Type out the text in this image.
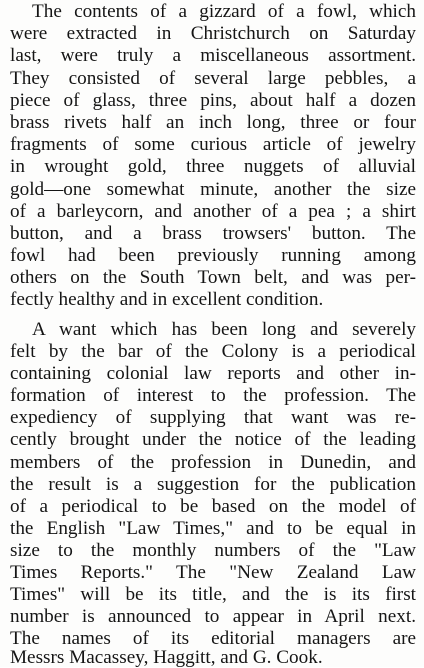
The contents of a gizzard of a fowl, which
were extracted in Christchurch on Saturday
last, were truly a miscellaneous assortment.
They consisted of several large pebbles, a
piece of glass, three pins, about half a dozen
brass rivets half an inch long, three or four
fragments of some curious article of jewelry
in wrought gold, three nuggets of alluvial
gold—one somewhat minute, another the size
of a barleycorn, and another of a pea ; a shirt
button, and a brass trowsers' button. The
fowl had been previously running among
others on the South Town belt, and was per-
fectly healthy and in excellent condition.
A want which has been long and severely
felt by the bar of the Colony is a periodical
containing colonial law reports and other in-
formation of interest to the profession. The
expediency of supplying that want was re-
cently brought under the notice of the leading
members of the profession in Dunedin, and
the result is a suggestion for the publication
of a periodical to be based on the model of
the English "Law Times," and to be equal in
size to the monthly numbers of the "Law
Times Reports." The "New Zealand Law
Times" will be its title, and the is its first
number is announced to appear in April next.
The names of its editorial managers are
Messrs Macassey, Haggitt, and G. Cook.
